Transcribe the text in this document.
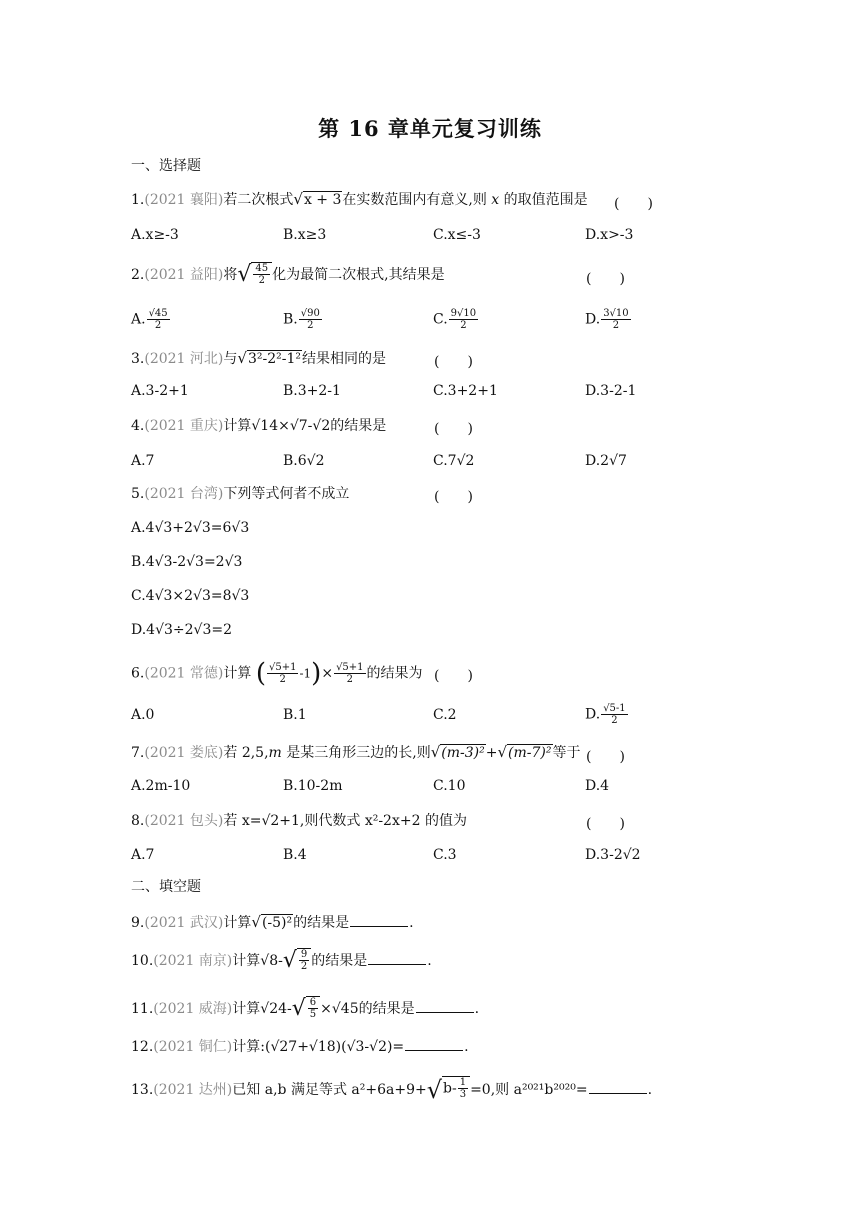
第 16 章单元复习训练
一、选择题
1.(2021 襄阳)若二次根式 √ x + 3 在实数范围内有意义,则 x 的取值范围是 (　　)
A.x≥-3	B.x≥3	C.x≤-3	D.x>-3
2.(2021 益阳)将 √ $\frac{45}{2}$ 化为最简二次根式,其结果是	(　　)
A. $\frac{√45}{2}$	B. $\frac{√90}{2}$	C. $\frac{9√10}{2}$	D. $\frac{3√10}{2}$
3.(2021 河北)与 √ 3²-2²-1² 结果相同的是	(　　)
A.3-2+1	B.3+2-1	C.3+2+1	D.3-2-1
4.(2021 重庆)计算√14×√7-√2的结果是	(　　)
A.7	B.6√2	C.7√2	D.2√7
5.(2021 台湾)下列等式何者不成立	(　　)
A.4√3+2√3=6√3
B.4√3-2√3=2√3
C.4√3×2√3=8√3
D.4√3÷2√3=2
6.(2021 常德)计算 ( $\frac{√5+1}{2} -1)\times \frac{√5+1}{2}$ 的结果为 (　　)
A.0	B.1	C.2	D. $\frac{√5-1}{2}$
7.(2021 娄底)若 2,5,m 是某三角形三边的长,则 √ (m-3)² + √ (m-7)² 等于 (　　)
A.2m-10	B.10-2m	C.10	D.4
8.(2021 包头)若 x=√2+1,则代数式 x²-2x+2 的值为	(　　)
A.7	B.4	C.3	D.3-2√2
二、填空题
9.(2021 武汉)计算 √ (-5)² 的结果是	.
10.(2021 南京)计算√8- √ $\frac{9}{2}$ 的结果是	.
11.(2021 威海)计算√24- √ $\frac{6}{5} \times√45$的结果是	.
12.(2021 铜仁)计算:(√27+√18)(√3-√2)=	.
13.(2021 达州)已知 a,b 满足等式 a²+6a+9+ √ $b- \frac{1}{3} =0$,则 a²⁰²¹b²⁰²⁰=	.
